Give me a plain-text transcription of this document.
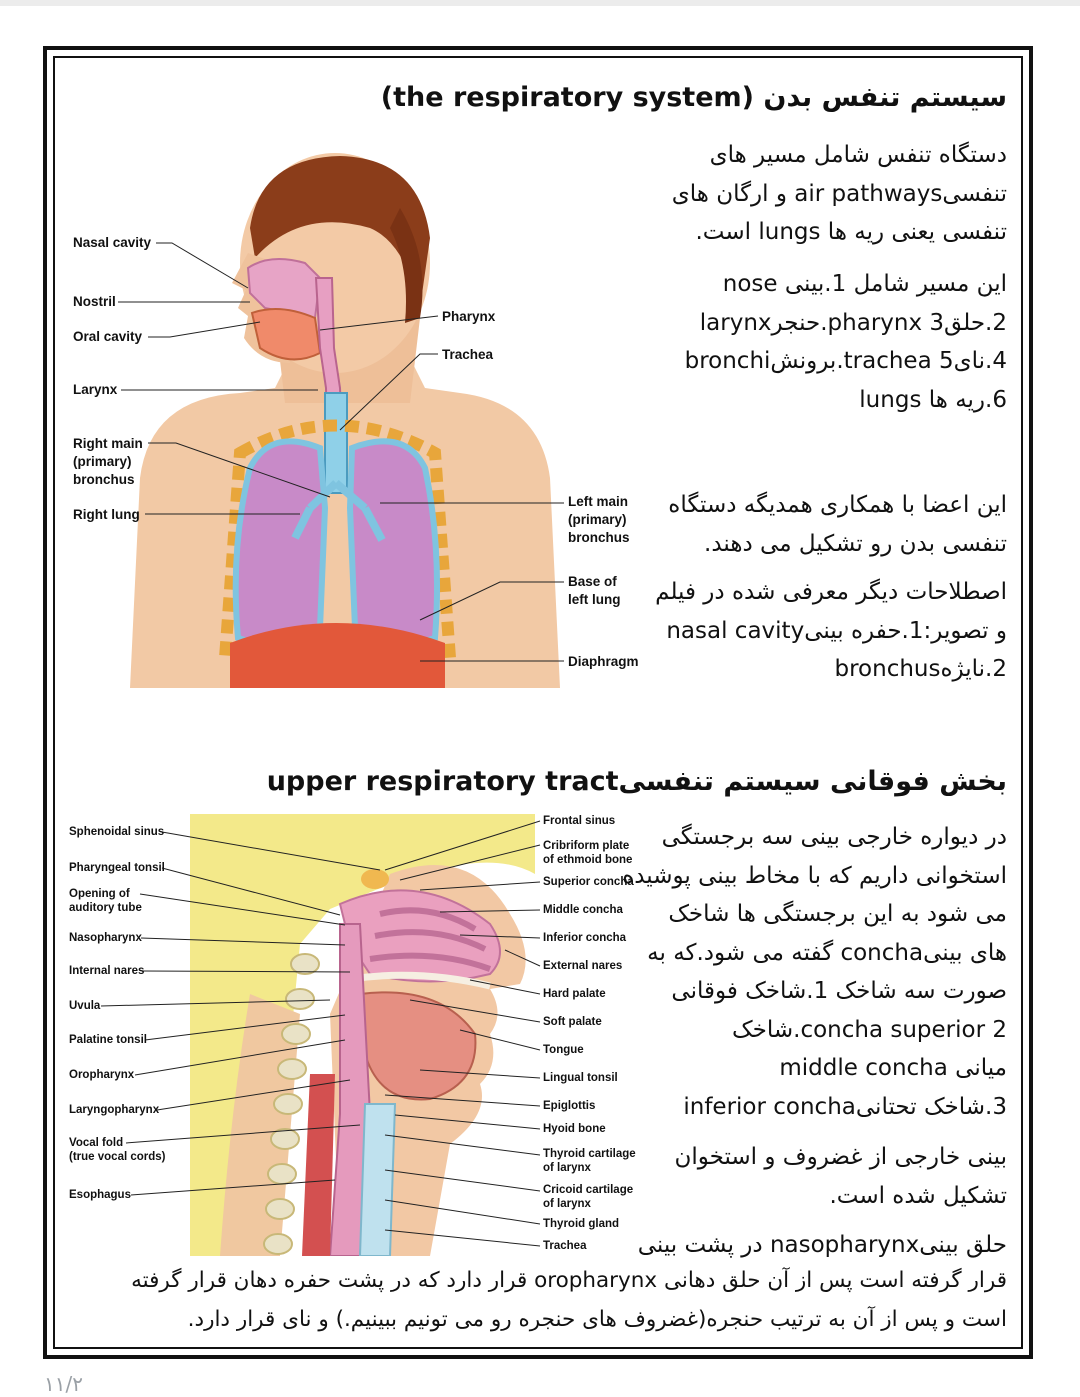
سیستم تنفس بدن (the respiratory system)
دستگاه تنفس شامل مسیر های
تنفسیair pathways و ارگان های
تنفسی یعنی ریه ها lungs است.
این مسیر شامل 1.بینی nose
2.حلقpharynx 3.حنجرlarynx
4.نایtrachea 5.برونشbronchi
6.ریه ها lungs
این اعضا با همکاری همدیگه دستگاه
تنفسی بدن رو تشکیل می دهند.
اصطلاحات دیگر معرفی شده در فیلم
و تصویر:1.حفره بینیnasal cavity
2.نایژهbronchus
Nasal cavity
Nostril
Oral cavity
Larynx
Right main
(primary)
bronchus
Right lung
Pharynx
Trachea
Left main
(primary)
bronchus
Base of
left lung
Diaphragm
بخش فوقانی سیستم تنفسیupper respiratory tract
در دیواره خارجی بینی سه برجستگی
استخوانی داریم که با مخاط بینی پوشیده
می شود به این برجستگی ها شاخک
های بینیconcha گفته می شود.که به
صورت سه شاخک 1.شاخک فوقانی
concha superior 2.شاخک
میانی middle concha
3.شاخک تحتانیinferior concha
بینی خارجی از غضروف و استخوان
تشکیل شده است.
حلق بینیnasopharynx در پشت بینی
قرار گرفته است پس از آن حلق دهانی oropharynx قرار دارد که در پشت حفره دهان قرار گرفته
است و پس از آن به ترتیب حنجره(غضروف های حنجره رو می تونیم ببینیم.) و نای قرار دارد.
Sphenoidal sinus
Pharyngeal tonsil
Opening of
auditory tube
Nasopharynx
Internal nares
Uvula
Palatine tonsil
Oropharynx
Laryngopharynx
Vocal fold
(true vocal cords)
Esophagus
Frontal sinus
Cribriform plate
of ethmoid bone
Superior concha
Middle concha
Inferior concha
External nares
Hard palate
Soft palate
Tongue
Lingual tonsil
Epiglottis
Hyoid bone
Thyroid cartilage
of larynx
Cricoid cartilage
of larynx
Thyroid gland
Trachea
١١/٢
